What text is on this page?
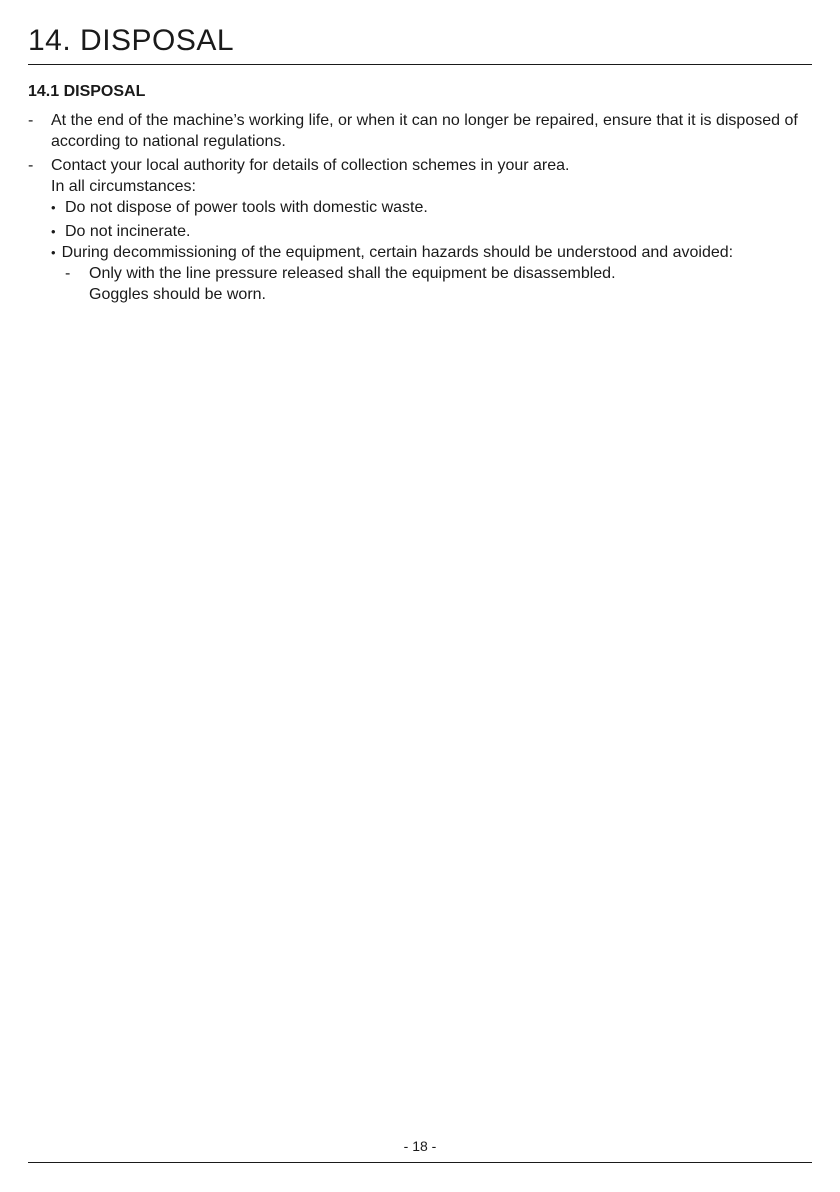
14. DISPOSAL
14.1 DISPOSAL
- At the end of the machine’s working life, or when it can no longer be repaired, ensure that it is disposed of according to national regulations.
- Contact your local authority for details of collection schemes in your area.
In all circumstances:
• Do not dispose of power tools with domestic waste.
• Do not incinerate.
• During decommissioning of the equipment, certain hazards should be understood and avoided:
- Only with the line pressure released shall the equipment be disassembled.
Goggles should be worn.
- 18 -
